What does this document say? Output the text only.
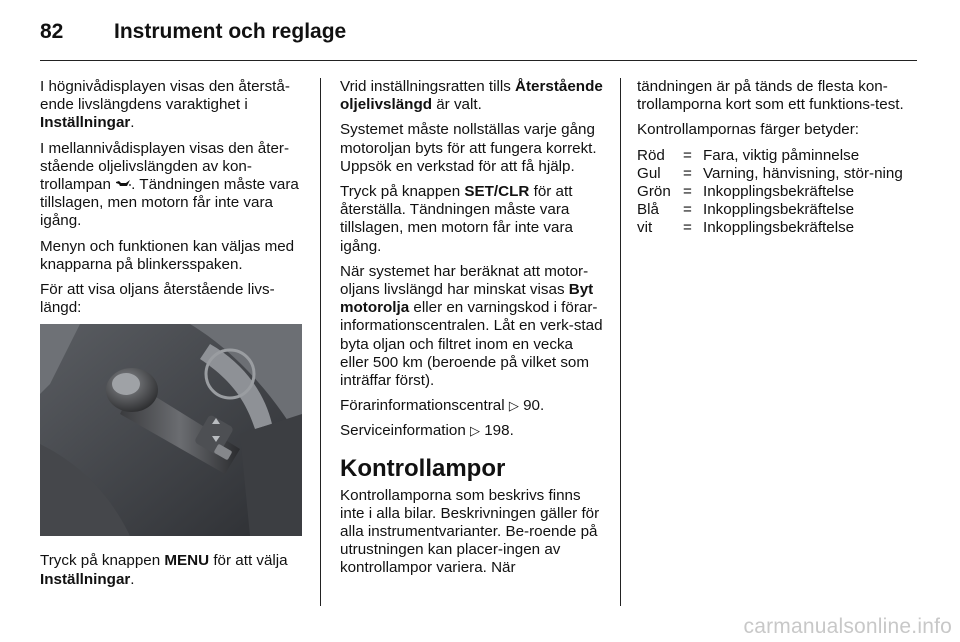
82 Instrument och reglage

I högnivådisplayen visas den återstå-ende livslängdens varaktighet i Inställningar.

I mellannivådisplayen visas den åter-stående oljelivslängden av kon-trollampan . Tändningen måste vara tillslagen, men motorn får inte vara igång.

Menyn och funktionen kan väljas med knapparna på blinkersspaken.

För att visa oljans återstående livs-längd:

Tryck på knappen MENU för att välja Inställningar.

Vrid inställningsratten tills Återstående oljelivslängd är valt.

Systemet måste nollställas varje gång motoroljan byts för att fungera korrekt. Uppsök en verkstad för att få hjälp.

Tryck på knappen SET/CLR för att återställa. Tändningen måste vara tillslagen, men motorn får inte vara igång.

När systemet har beräknat att motor-oljans livslängd har minskat visas Byt motorolja eller en varningskod i förar-informationscentralen. Låt en verk-stad byta oljan och filtret inom en vecka eller 500 km (beroende på vilket som inträffar först).

Förarinformationscentral ▷ 90.

Serviceinformation ▷ 198.

Kontrollampor

Kontrollamporna som beskrivs finns inte i alla bilar. Beskrivningen gäller för alla instrumentvarianter. Be-roende på utrustningen kan placer-ingen av kontrollampor variera. När

tändningen är på tänds de flesta kon-trollamporna kort som ett funktions-test.

Kontrollampornas färger betyder:

Röd	=	Fara, viktig påminnelse
Gul	=	Varning, hänvisning, stör-ning
Grön	=	Inkopplingsbekräftelse
Blå	=	Inkopplingsbekräftelse
vit	=	Inkopplingsbekräftelse
carmanualsonline.info
